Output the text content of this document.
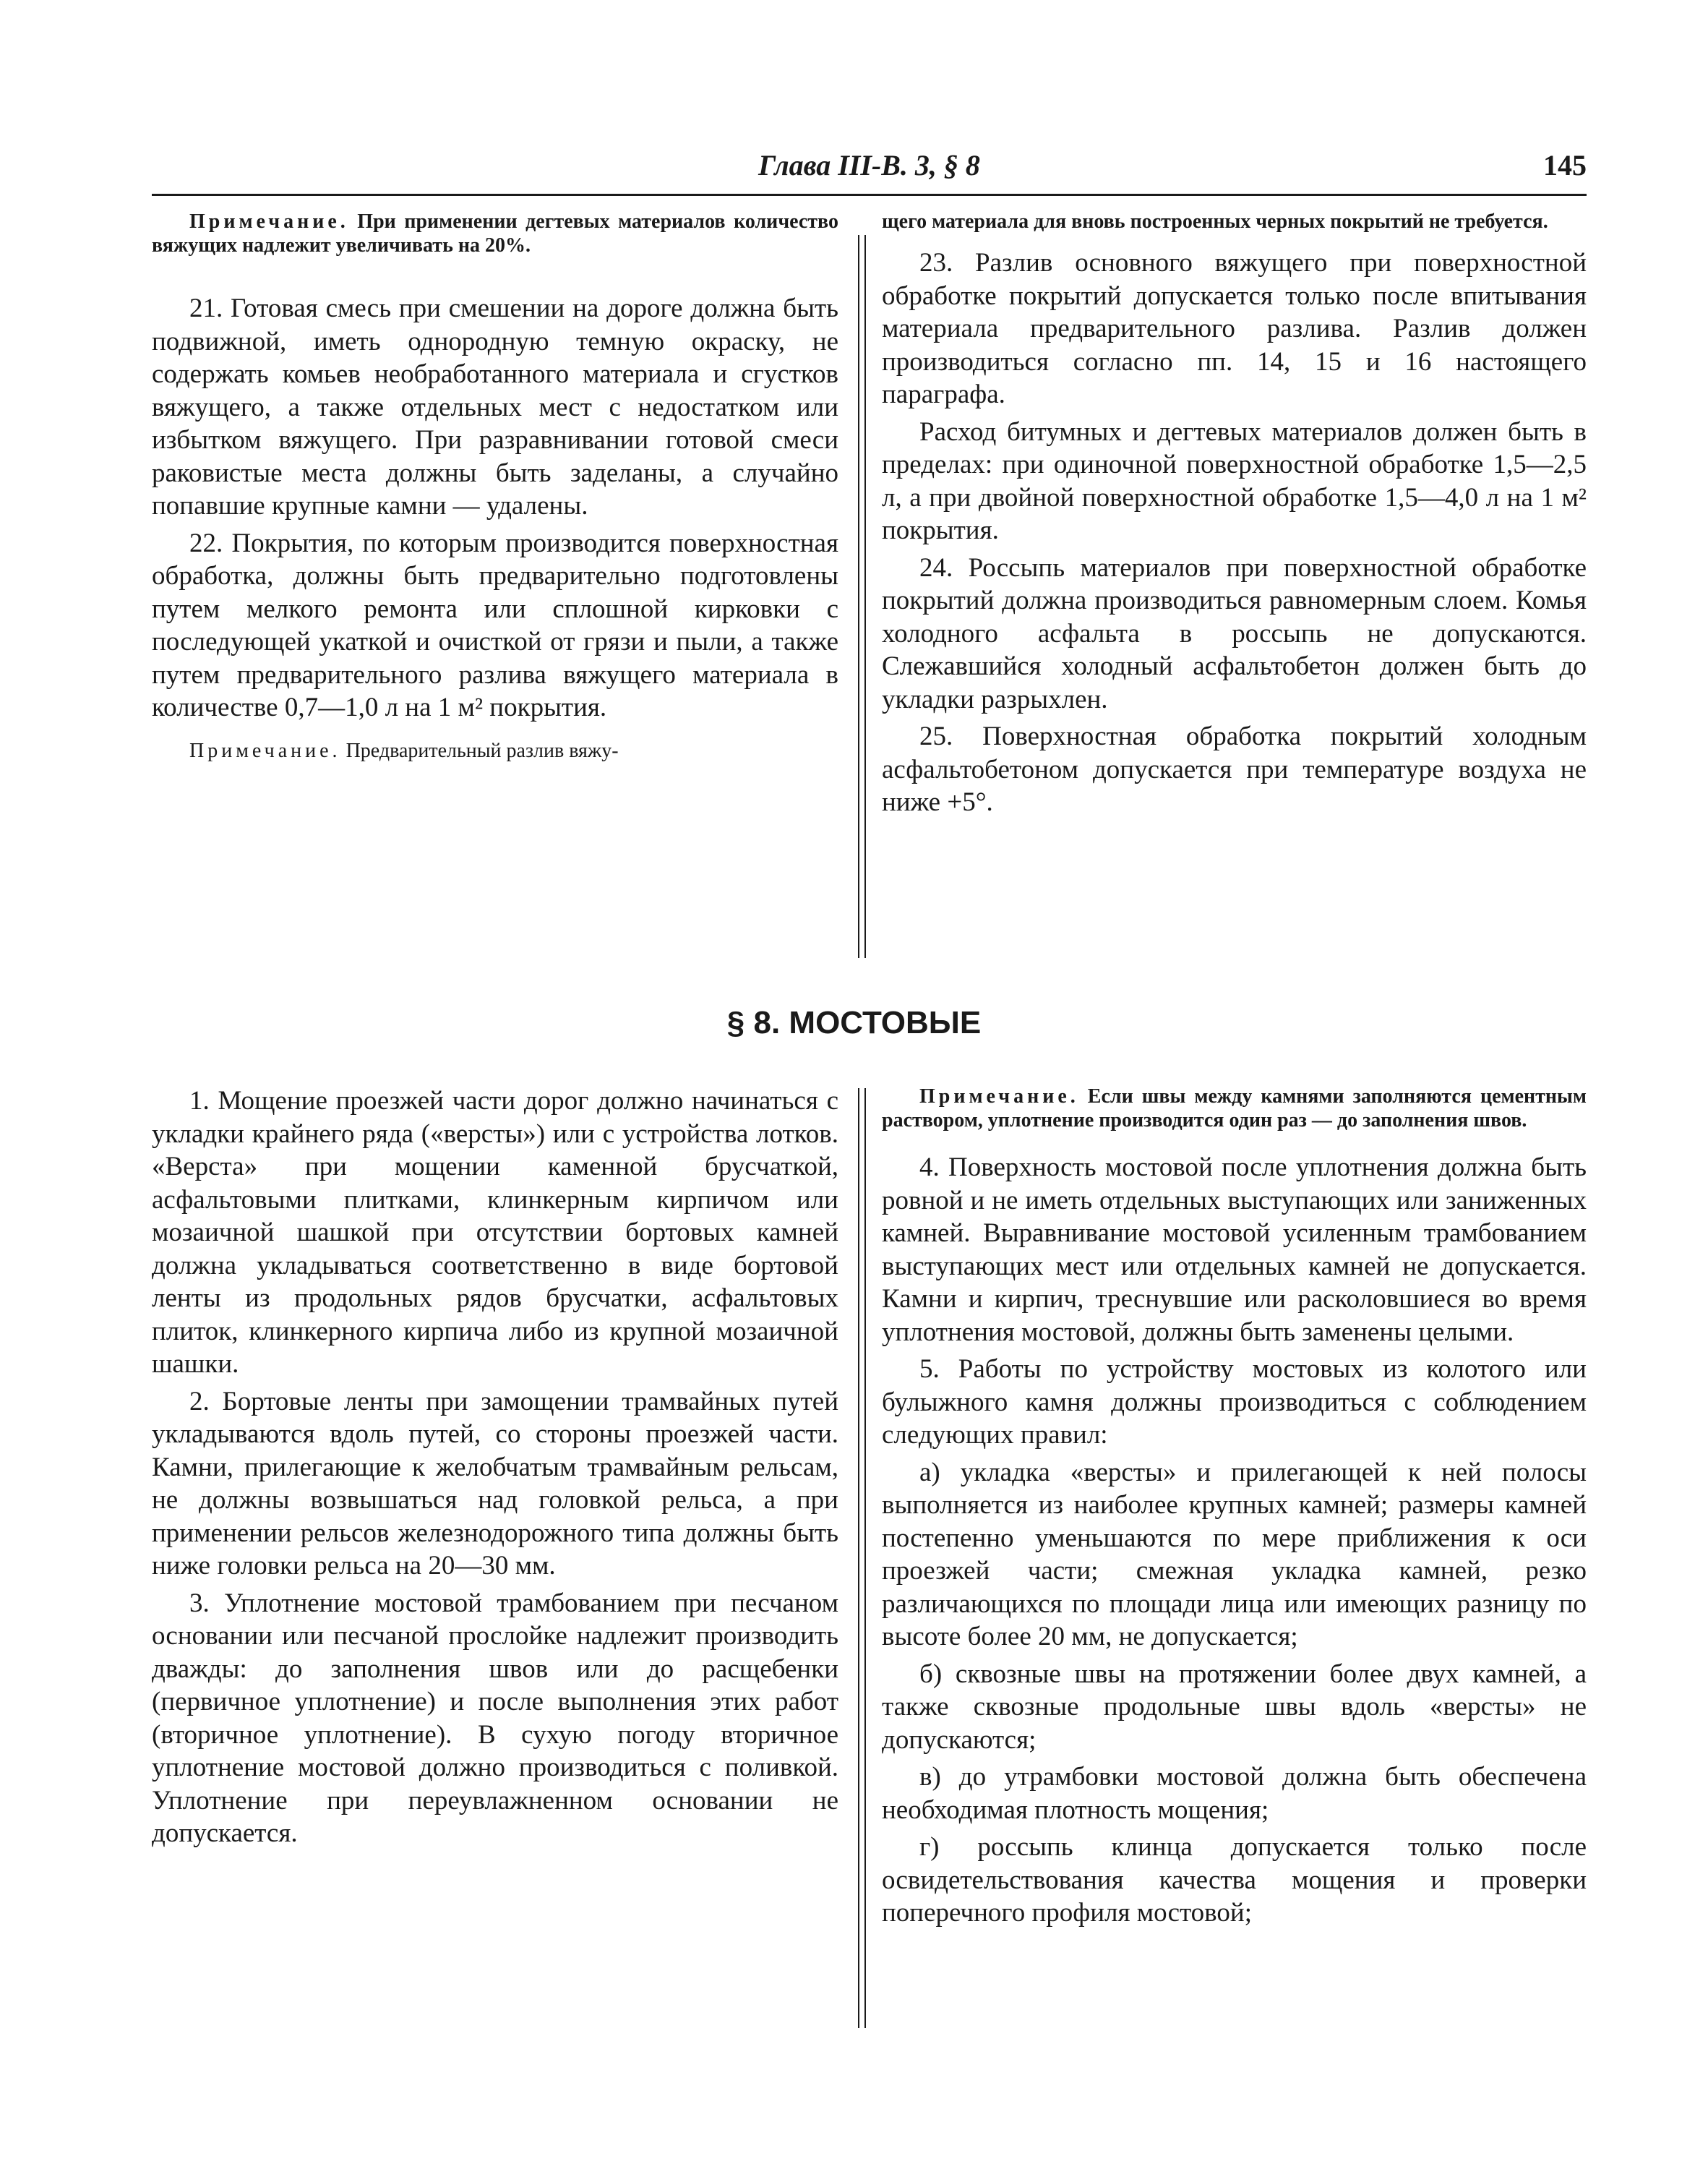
Глава III-В. 3, § 8	145

Примечание. При применении дегтевых материалов количество вяжущих надлежит увеличивать на 20%.

21. Готовая смесь при смешении на дороге должна быть подвижной, иметь однородную темную окраску, не содержать комьев необработанного материала и сгустков вяжущего, а также отдельных мест с недостатком или избытком вяжущего. При разравнивании готовой смеси раковистые места должны быть заделаны, а случайно попавшие крупные камни — удалены.

22. Покрытия, по которым производится поверхностная обработка, должны быть предварительно подготовлены путем мелкого ремонта или сплошной кирковки с последующей укаткой и очисткой от грязи и пыли, а также путем предварительного разлива вяжущего материала в количестве 0,7—1,0 л на 1 м² покрытия.

Примечание. Предварительный разлив вяжу-

щего материала для вновь построенных черных покрытий не требуется.

23. Разлив основного вяжущего при поверхностной обработке покрытий допускается только после впитывания материала предварительного разлива. Разлив должен производиться согласно пп. 14, 15 и 16 настоящего параграфа.

Расход битумных и дегтевых материалов должен быть в пределах: при одиночной поверхностной обработке 1,5—2,5 л, а при двойной поверхностной обработке 1,5—4,0 л на 1 м² покрытия.

24. Россыпь материалов при поверхностной обработке покрытий должна производиться равномерным слоем. Комья холодного асфальта в россыпь не допускаются. Слежавшийся холодный асфальтобетон должен быть до укладки разрыхлен.

25. Поверхностная обработка покрытий холодным асфальтобетоном допускается при температуре воздуха не ниже +5°.

§ 8. МОСТОВЫЕ

1. Мощение проезжей части дорог должно начинаться с укладки крайнего ряда («версты») или с устройства лотков. «Верста» при мощении каменной брусчаткой, асфальтовыми плитками, клинкерным кирпичом или мозаичной шашкой при отсутствии бортовых камней должна укладываться соответственно в виде бортовой ленты из продольных рядов брусчатки, асфальтовых плиток, клинкерного кирпича либо из крупной мозаичной шашки.

2. Бортовые ленты при замощении трамвайных путей укладываются вдоль путей, со стороны проезжей части. Камни, прилегающие к желобчатым трамвайным рельсам, не должны возвышаться над головкой рельса, а при применении рельсов железнодорожного типа должны быть ниже головки рельса на 20—30 мм.

3. Уплотнение мостовой трамбованием при песчаном основании или песчаной прослойке надлежит производить дважды: до заполнения швов или до расщебенки (первичное уплотнение) и после выполнения этих работ (вторичное уплотнение). В сухую погоду вторичное уплотнение мостовой должно производиться с поливкой. Уплотнение при переувлажненном основании не допускается.

Примечание. Если швы между камнями заполняются цементным раствором, уплотнение производится один раз — до заполнения швов.

4. Поверхность мостовой после уплотнения должна быть ровной и не иметь отдельных выступающих или заниженных камней. Выравнивание мостовой усиленным трамбованием выступающих мест или отдельных камней не допускается. Камни и кирпич, треснувшие или расколовшиеся во время уплотнения мостовой, должны быть заменены целыми.

5. Работы по устройству мостовых из колотого или булыжного камня должны производиться с соблюдением следующих правил:

а) укладка «версты» и прилегающей к ней полосы выполняется из наиболее крупных камней; размеры камней постепенно уменьшаются по мере приближения к оси проезжей части; смежная укладка камней, резко различающихся по площади лица или имеющих разницу по высоте более 20 мм, не допускается;

б) сквозные швы на протяжении более двух камней, а также сквозные продольные швы вдоль «версты» не допускаются;

в) до утрамбовки мостовой должна быть обеспечена необходимая плотность мощения;

г) россыпь клинца допускается только после освидетельствования качества мощения и проверки поперечного профиля мостовой;
